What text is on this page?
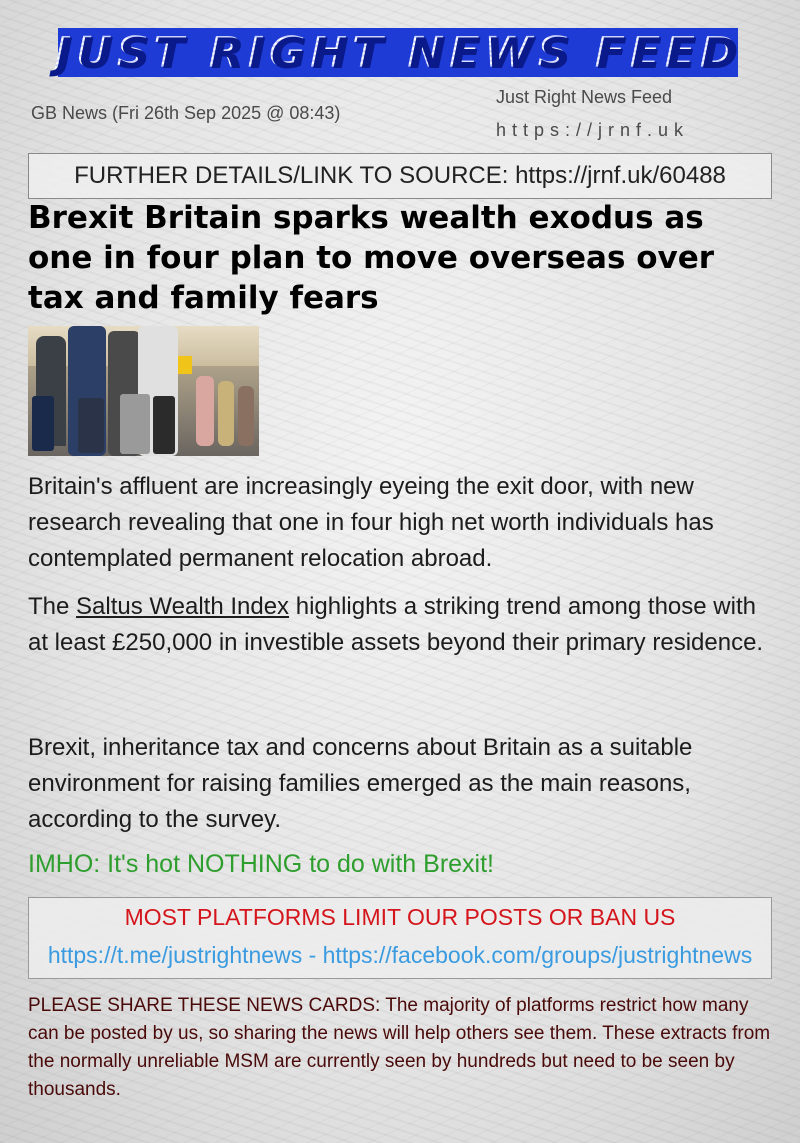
JUST RIGHT NEWS FEED
GB News (Fri 26th Sep 2025 @ 08:43)
Just Right News Feed
https://jrnf.uk
FURTHER DETAILS/LINK TO SOURCE: https://jrnf.uk/60488
Brexit Britain sparks wealth exodus as one in four plan to move overseas over tax and family fears
Britain's affluent are increasingly eyeing the exit door, with new research revealing that one in four high net worth individuals has contemplated permanent relocation abroad.
The Saltus Wealth Index highlights a striking trend among those with at least £250,000 in investible assets beyond their primary residence.
Brexit, inheritance tax and concerns about Britain as a suitable environment for raising families emerged as the main reasons, according to the survey.
IMHO: It's hot NOTHING to do with Brexit!
MOST PLATFORMS LIMIT OUR POSTS OR BAN US
https://t.me/justrightnews - https://facebook.com/groups/justrightnews
PLEASE SHARE THESE NEWS CARDS: The majority of platforms restrict how many can be posted by us, so sharing the news will help others see them. These extracts from the normally unreliable MSM are currently seen by hundreds but need to be seen by thousands.
